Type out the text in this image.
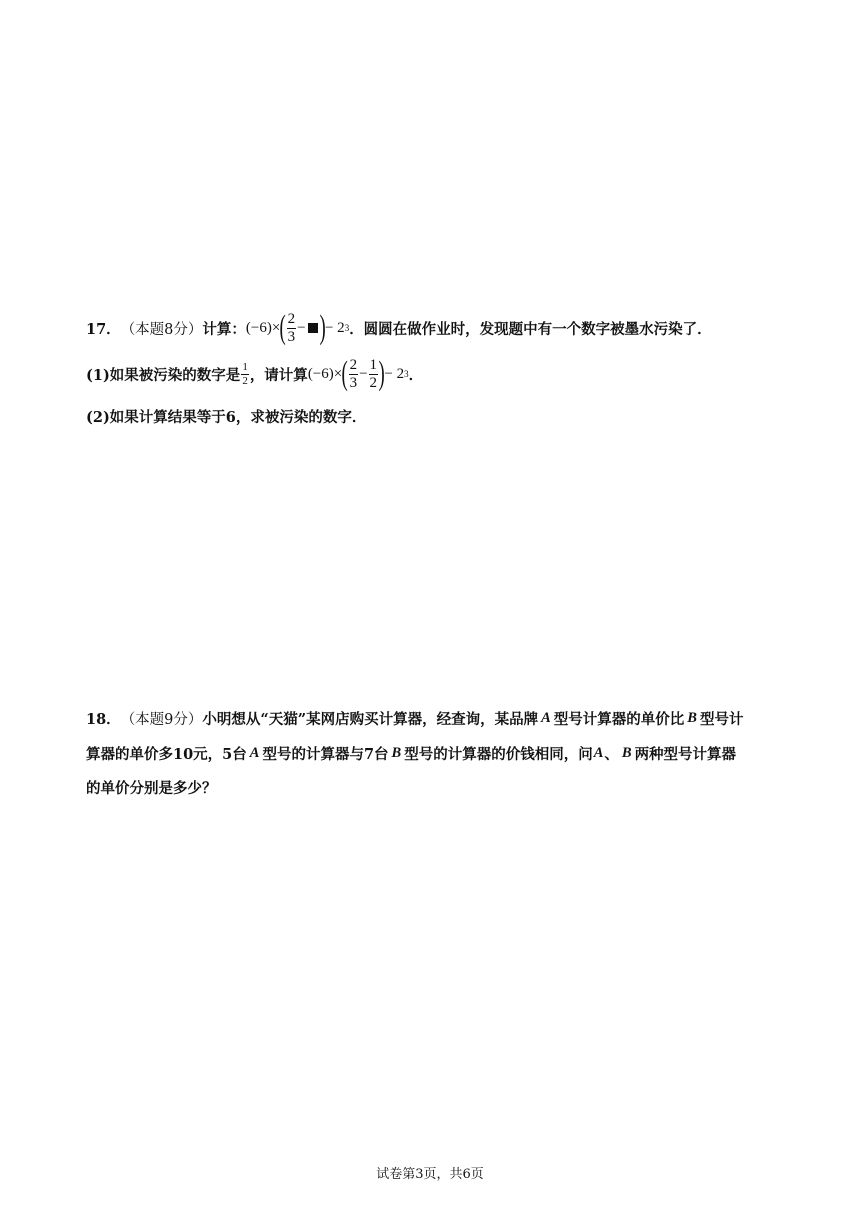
17． （本题8分） 计算： (−6) × ( $\frac{2}{3}$ − ) − 2 3 ．圆圆在做作业时，发现题中有一个数字被墨水污染了．
(1)如果被污染的数字是 $\frac{1}{2}$ ，请计算 (−6) × ( $\frac{2}{3} - \frac{1}{2}$ ) − 2 3 ．
(2)如果计算结果等于6，求被污染的数字．
18． （本题9分） 小明想从“天猫”某网店购买计算器，经查询，某品牌 A 型号计算器的单价比 B 型号计
算器的单价多10元，5台 A 型号的计算器与7台 B 型号的计算器的价钱相同，问 A 、 B 两种型号计算器
的单价分别是多少？
试卷第3页，共6页
